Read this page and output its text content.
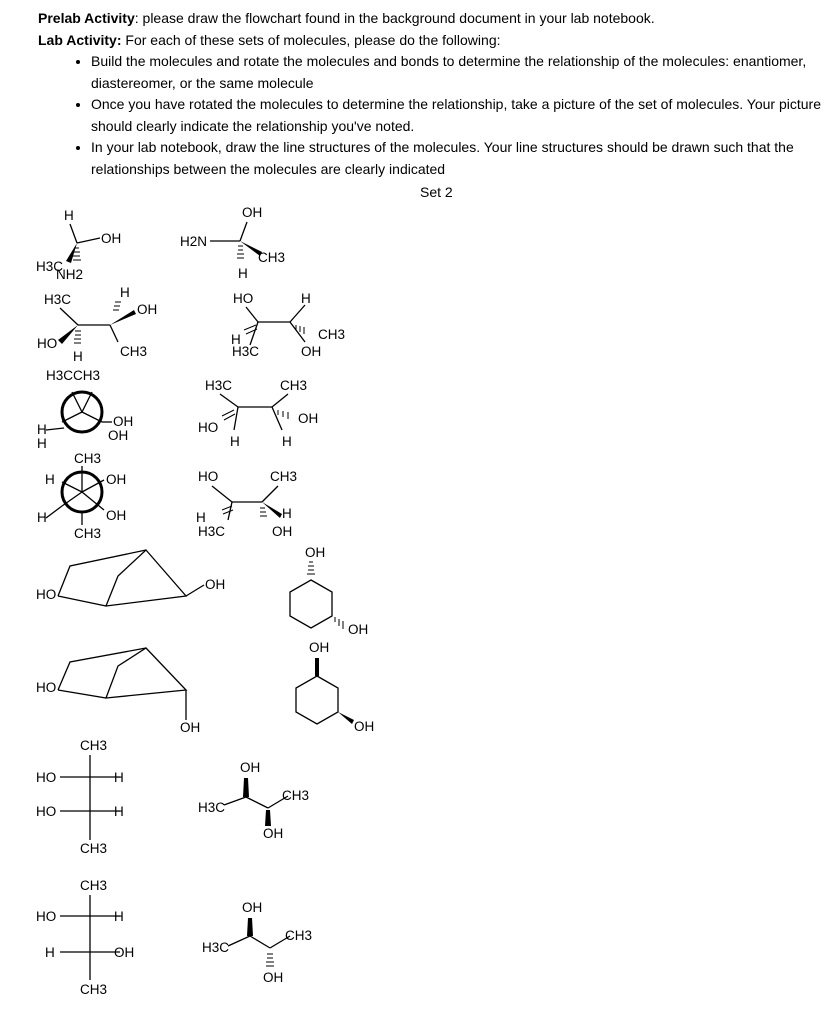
Prelab Activity: please draw the flowchart found in the background document in your lab notebook.

Lab Activity: For each of these sets of molecules, please do the following:

• Build the molecules and rotate the molecules and bonds to determine the relationship of the molecules: enantiomer, diastereomer, or the same molecule
• Once you have rotated the molecules to determine the relationship, take a picture of the set of molecules. Your picture should clearly indicate the relationship you've noted.
• In your lab notebook, draw the line structures of the molecules. Your line structures should be drawn such that the relationships between the molecules are clearly indicated
Set 2
H
OH
H3C
NH2
H2N
OH
CH3
H
H3C	H
OH
CH3
HO
H
HO	H
H
H3C
CH3
OH
H3CCH3
OH
OH
H
H
H3C	CH3
HO
H
OH
H
CH3
OH
H
OH
H
CH3
HO	CH3
H
H
H3C	OH
HO
OH
OH
OH
HO
OH
OH
OH
CH3
HO	H
HO	H
CH3
OH
CH3
OH
H3C
CH3
HO	H
H	OH
CH3
OH
CH3
OH
H3C
